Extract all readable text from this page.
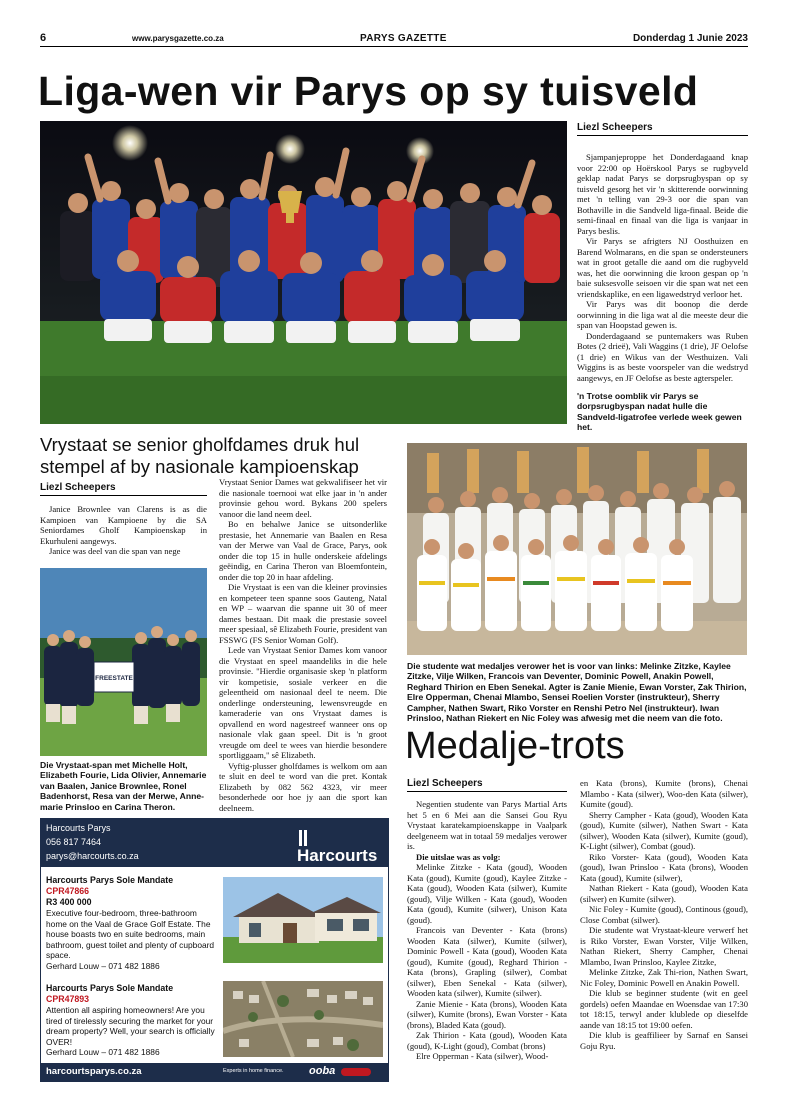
6	www.parysgazette.co.za	PARYS GAZETTE	Donderdag 1 Junie 2023
Liga-wen vir Parys op sy tuisveld
Liezl Scheepers

Sjampanjeproppe het Donderdagaand knap voor 22:00 op Hoërskool Parys se rugbyveld geklap nadat Parys se dorpsrugbyspan op sy tuisveld gesorg het vir 'n skitterende oorwinning met 'n telling van 29-3 oor die span van Bothaville in die Sandveld liga-finaal. Beide die semi-finaal en finaal van die liga is vanjaar in Parys beslis.

Vir Parys se afrigters NJ Oosthuizen en Barend Wolmarans, en die span se ondersteuners wat in groot getalle die aand om die rugbyveld was, het die oorwinning die kroon gespan op 'n baie suksesvolle seisoen vir die span wat net een vriendskaplike, en een ligawedstryd verloor het.

Vir Parys was dit boonop die derde oorwinning in die liga wat al die meeste deur die span van Hoopstad gewen is.

Donderdagaand se puntemakers was Ruben Botes (2 drieë), Vali Waggins (1 drie), JF Oelofse (1 drie) en Wikus van der Westhuizen. Vali Wiggins is as beste voorspeler van die wedstryd aangewys, en JF Oelofse as beste agterspeler.

'n Trotse oomblik vir Parys se dorpsrugbyspan nadat hulle die Sandveld-ligatrofee verlede week gewen het.
Vrystaat se senior gholfdames druk hul stempel af by nasionale kampioenskap
Liezl Scheepers

Janice Brownlee van Clarens is as die Kampioen van Kampioene by die SA Seniordames Gholf Kampioenskap in Ekurhuleni aangewys.

Janice was deel van die span van nege

FREESTATE
Die Vrystaat-span met Michelle Holt, Elizabeth Fourie, Lida Olivier, Annemarie van Baalen, Janice Brownlee, Ronel Badenhorst, Resa van der Merwe, Anne-marie Prinsloo en Carina Theron.

Vrystaat Senior Dames wat gekwalifiseer het vir die nasionale toernooi wat elke jaar in 'n ander provinsie gehou word. Bykans 200 spelers vanoor die land neem deel.

Bo en behalwe Janice se uitsonderlike prestasie, het Annemarie van Baalen en Resa van der Merwe van Vaal de Grace, Parys, ook onder die top 15 in hulle onderskeie afdelings geëindig, en Carina Theron van Bloemfontein, onder die top 20 in haar afdeling.

Die Vrystaat is een van die kleiner provinsies en kompeteer teen spanne soos Gauteng, Natal en WP – waarvan die spanne uit 30 of meer dames bestaan. Dit maak die prestasie soveel meer spesiaal, sê Elizabeth Fourie, president van FSSWG (FS Senior Woman Golf).

Lede van Vrystaat Senior Dames kom vanoor die Vrystaat en speel maandeliks in die hele provinsie. "Hierdie organisasie skep 'n platform vir kompetisie, sosiale verkeer en die geleentheid om nasionaal deel te neem. Die onderlinge ondersteuning, lewensvreugde en kameraderie van ons Vrystaat dames is opvallend en word nagestreef wanneer ons op nasionale vlak gaan speel. Dit is 'n groot vreugde om deel te wees van hierdie besondere sportliggaam," sê Elizabeth.

Vyftig-plusser gholfdames is welkom om aan te sluit en deel te word van die pret. Kontak Elizabeth by 082 562 4323, vir meer besonderhede oor hoe jy aan die sport kan deelneem.

Harcourts Parys
056 817 7464
parys@harcourts.co.za	Harcourts
Harcourts Parys Sole Mandate
CPR47866
R3 400 000
Executive four-bedroom, three-bathroom home on the Vaal de Grace Golf Estate. The house boasts two en suite bedrooms, main bathroom, guest toilet and plenty of cupboard space.
Gerhard Louw – 071 482 1886
Harcourts Parys Sole Mandate
CPR47893
Attention all aspiring homeowners! Are you tired of tirelessly securing the market for your dream property? Well, your search is officially OVER!
Gerhard Louw – 071 482 1886
harcourtsparys.co.za	Experts in home finance. ooba
Die studente wat medaljes verower het is voor van links: Melinke Zitzke, Kaylee Zitzke, Vilje Wilken, Francois van Deventer, Dominic Powell, Anakin Powell, Reghard Thirion en Eben Senekal. Agter is Zanie Mienie, Ewan Vorster, Zak Thirion, Elre Opperman, Chenai Mlambo, Sensei Roelien Vorster (instrukteur), Sherry Campher, Nathen Swart, Riko Vorster en Renshi Petro Nel (instrukteur). Iwan Prinsloo, Nathan Riekert en Nic Foley was afwesig met die neem van die foto.
Medalje-trots
Liezl Scheepers

Negentien studente van Parys Martial Arts het 5 en 6 Mei aan die Sansei Gou Ryu Vrystaat karatekampioenskappe in Vaalpark deelgeneem wat in totaal 59 medaljes verower is.

Die uitslae was as volg:

Melinke Zitzke - Kata (goud), Wooden Kata (goud), Kumite (goud), Kaylee Zitzke - Kata (goud), Wooden Kata (silwer), Kumite (goud), Vilje Wilken - Kata (goud), Wooden Kata (goud), Kumite (silwer), Unison Kata (goud).

Francois van Deventer - Kata (brons) Wooden Kata (silwer), Kumite (silwer), Dominic Powell - Kata (goud), Wooden Kata (goud), Kumite (goud), Reghard Thirion - Kata (brons), Grapling (silwer), Combat (silwer), Eben Senekal - Kata (silwer), Wooden kata (silwer), Kumite (silwer).

Zanie Mienie - Kata (brons), Wooden Kata (silwer), Kumite (brons), Ewan Vorster - Kata (brons), Bladed Kata (goud).

Zak Thirion - Kata (goud), Wooden Kata (goud), K-Light (goud), Combat (brons)

Elre Opperman - Kata (silwer), Wood-

en Kata (brons), Kumite (brons), Chenai Mlambo - Kata (silwer), Woo-den Kata (silwer), Kumite (goud).

Sherry Campher - Kata (goud), Wooden Kata (goud), Kumite (silwer), Nathen Swart - Kata (silwer), Wooden Kata (silwer), Kumite (goud), K-Light (silwer), Combat (goud).

Riko Vorster- Kata (goud), Wooden Kata (goud), Iwan Prinsloo - Kata (brons), Wooden Kata (goud), Kumite (silwer),

Nathan Riekert - Kata (goud), Wooden Kata (silwer) en Kumite (silwer).

Nic Foley - Kumite (goud), Continous (goud), Close Combat (silwer).

Die studente wat Vrystaat-kleure verwerf het is Riko Vorster, Ewan Vorster, Vilje Wilken, Nathan Riekert, Sherry Campher, Chenai Mlambo, Iwan Prinsloo, Kaylee Zitzke,

Melinke Zitzke, Zak Thi-rion, Nathen Swart, Nic Foley, Dominic Powell en Anakin Powell.

Die klub se beginner studente (wit en geel gordels) oefen Maandae en Woensdae van 17:30 tot 18:15, terwyl ander klublede op dieselfde aande van 18:15 tot 19:00 oefen.

Die klub is geaffilieer by Sarnaf en Sansei Goju Ryu.
